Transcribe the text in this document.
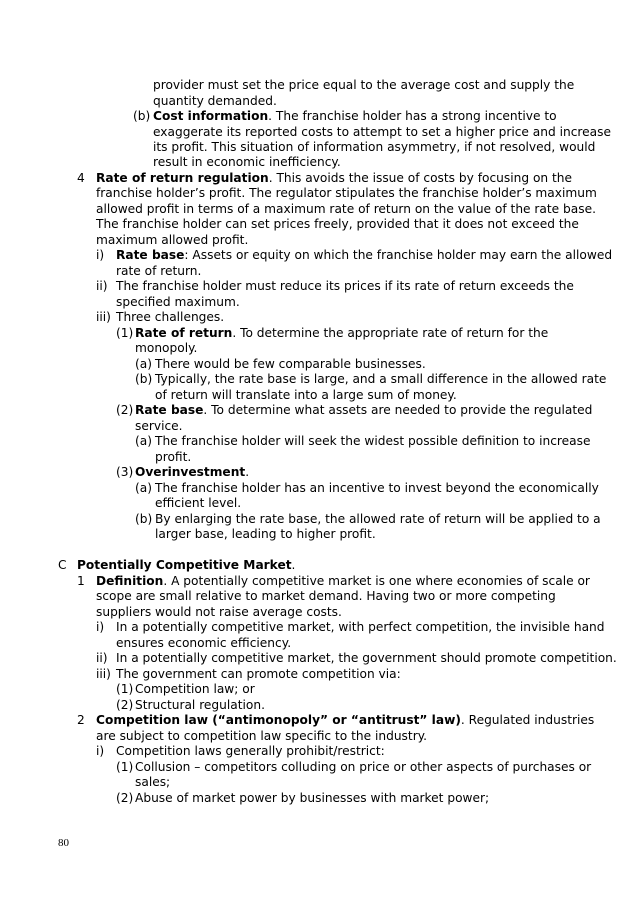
provider must set the price equal to the average cost and supply the
quantity demanded.
(b) Cost information. The franchise holder has a strong incentive to
exaggerate its reported costs to attempt to set a higher price and increase
its profit. This situation of information asymmetry, if not resolved, would
result in economic inefficiency.
4 Rate of return regulation. This avoids the issue of costs by focusing on the
franchise holder’s profit. The regulator stipulates the franchise holder’s maximum
allowed profit in terms of a maximum rate of return on the value of the rate base.
The franchise holder can set prices freely, provided that it does not exceed the
maximum allowed profit.
i) Rate base: Assets or equity on which the franchise holder may earn the allowed
rate of return.
ii) The franchise holder must reduce its prices if its rate of return exceeds the
specified maximum.
iii) Three challenges.
(1) Rate of return. To determine the appropriate rate of return for the
monopoly.
(a) There would be few comparable businesses.
(b) Typically, the rate base is large, and a small difference in the allowed rate
of return will translate into a large sum of money.
(2) Rate base. To determine what assets are needed to provide the regulated
service.
(a) The franchise holder will seek the widest possible definition to increase
profit.
(3) Overinvestment.
(a) The franchise holder has an incentive to invest beyond the economically
efficient level.
(b) By enlarging the rate base, the allowed rate of return will be applied to a
larger base, leading to higher profit.
C Potentially Competitive Market.
1 Definition. A potentially competitive market is one where economies of scale or
scope are small relative to market demand. Having two or more competing
suppliers would not raise average costs.
i) In a potentially competitive market, with perfect competition, the invisible hand
ensures economic efficiency.
ii) In a potentially competitive market, the government should promote competition.
iii) The government can promote competition via:
(1) Competition law; or
(2) Structural regulation.
2 Competition law (“antimonopoly” or “antitrust” law). Regulated industries
are subject to competition law specific to the industry.
i) Competition laws generally prohibit/restrict:
(1) Collusion – competitors colluding on price or other aspects of purchases or
sales;
(2) Abuse of market power by businesses with market power;
80
